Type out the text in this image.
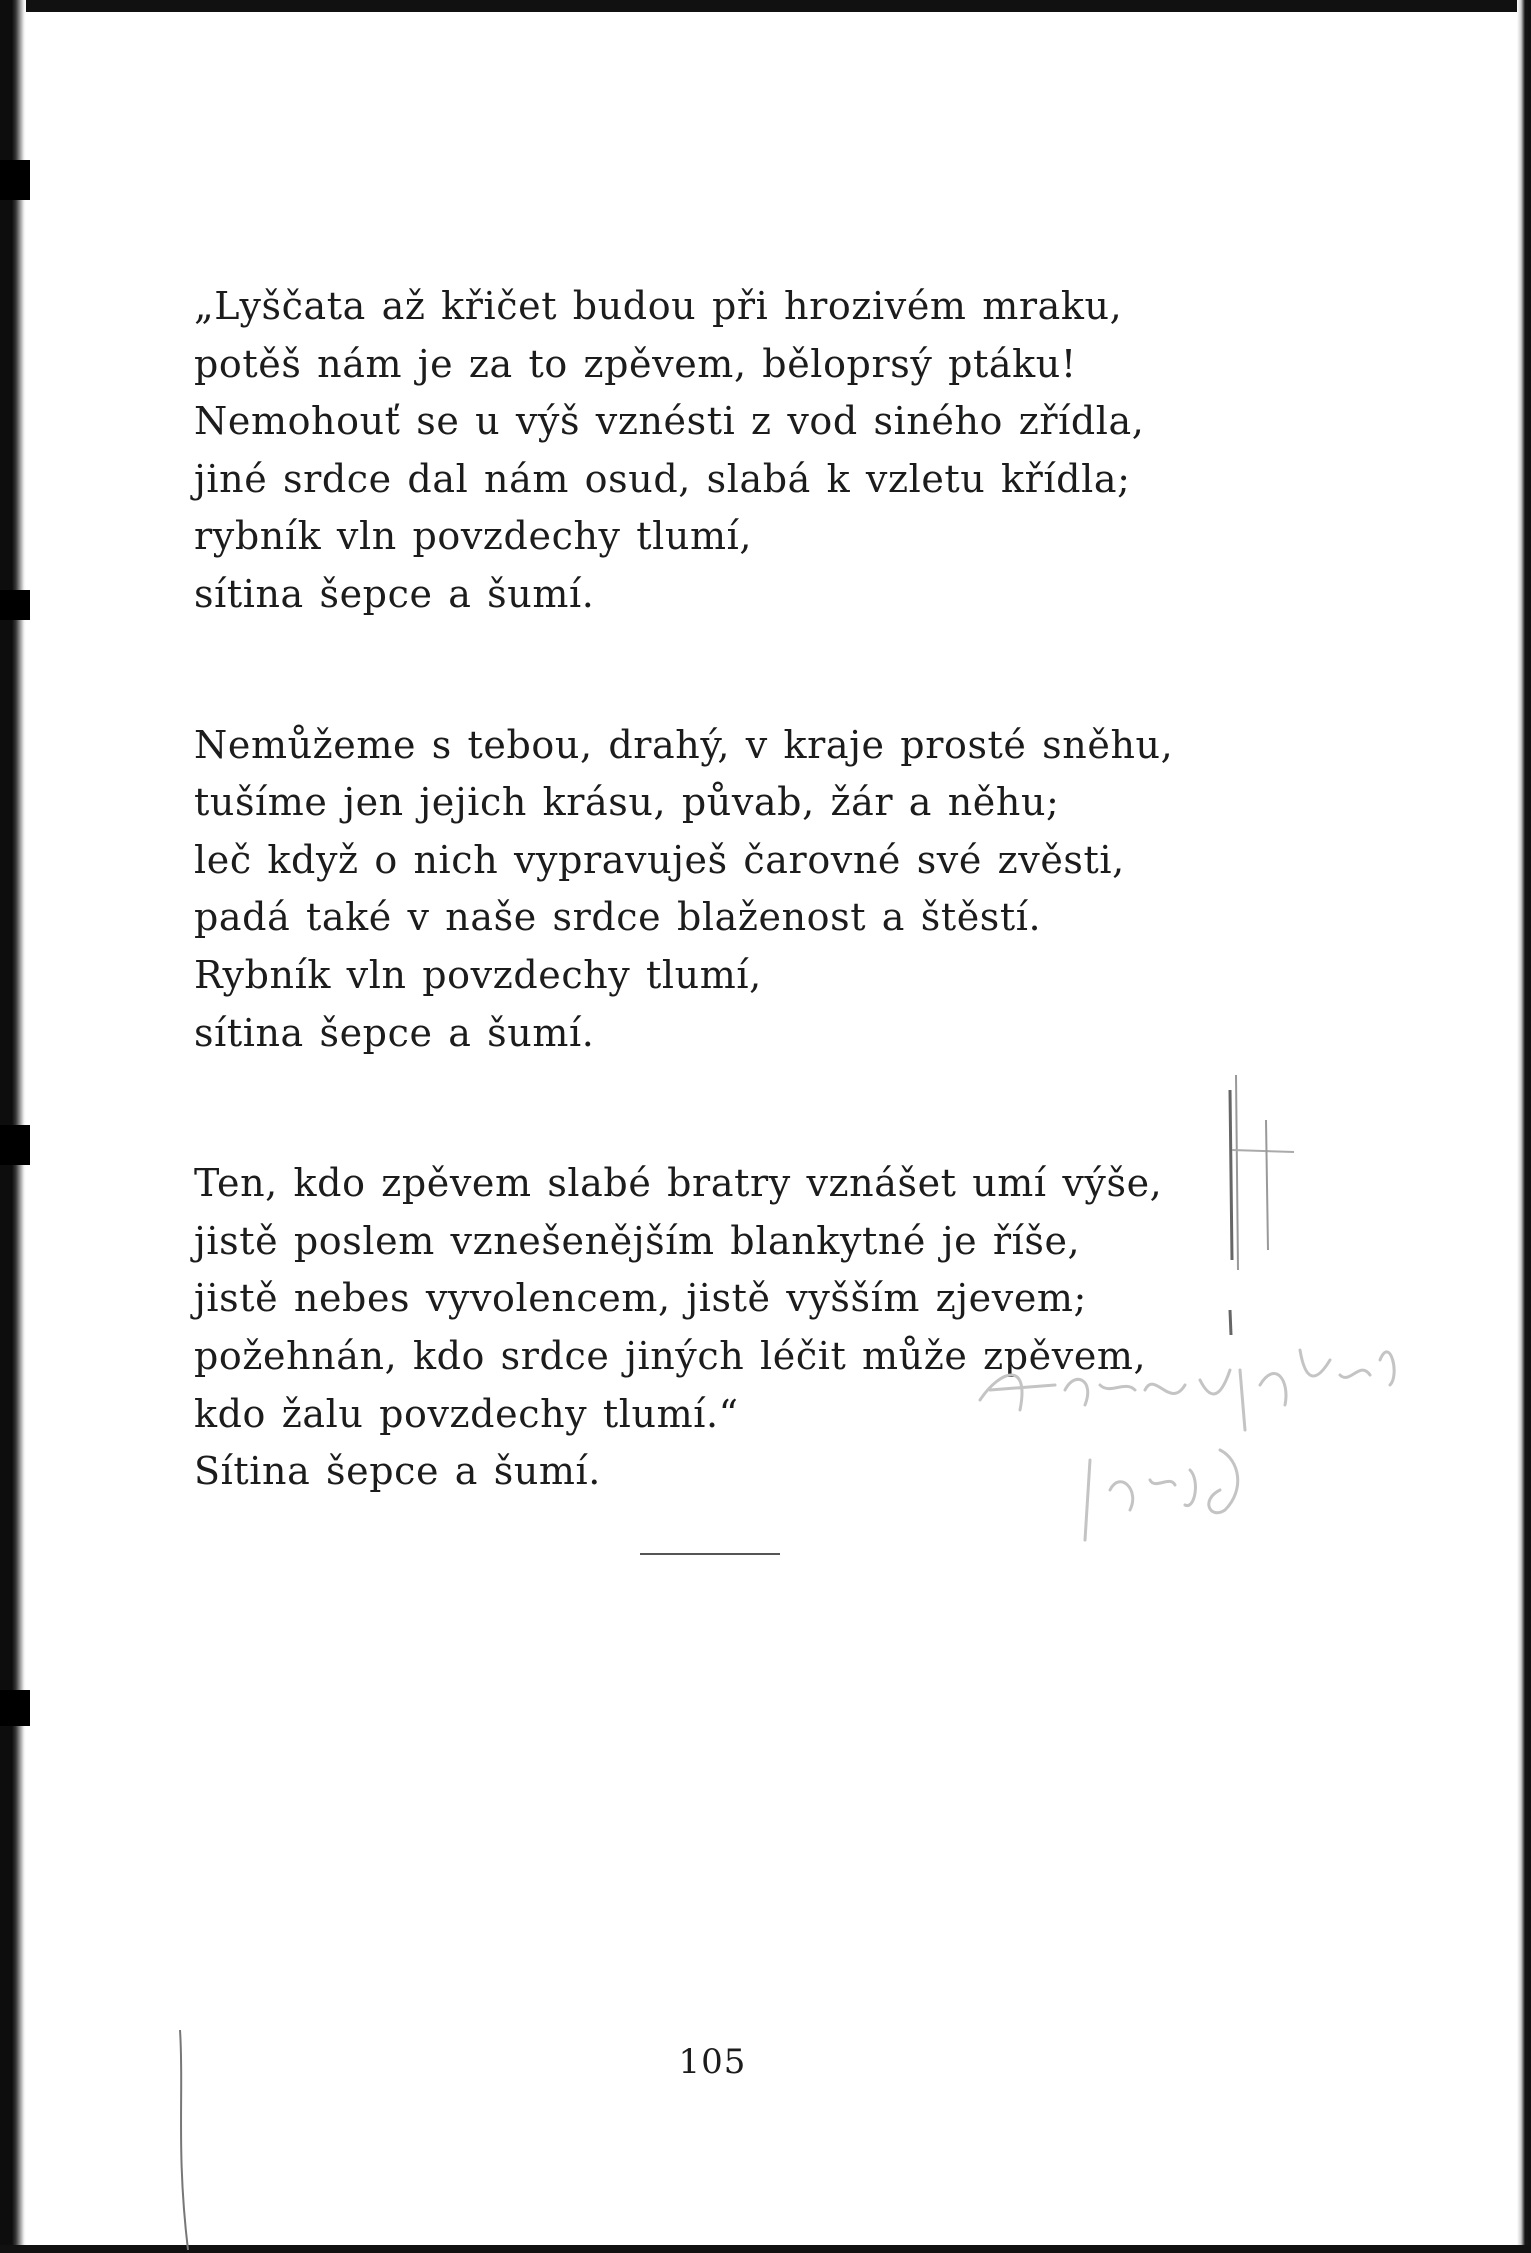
„Lyščata až křičet budou při hrozivém mraku,
potěš nám je za to zpěvem, běloprsý ptáku!
Nemohouť se u výš vznésti z vod siného zřídla,
jiné srdce dal nám osud, slabá k vzletu křídla;
rybník vln povzdechy tlumí,
sítina šepce a šumí.
Nemůžeme s tebou, drahý, v kraje prosté sněhu,
tušíme jen jejich krásu, půvab, žár a něhu;
leč když o nich vypravuješ čarovné své zvěsti,
padá také v naše srdce blaženost a štěstí.
Rybník vln povzdechy tlumí,
sítina šepce a šumí.
Ten, kdo zpěvem slabé bratry vznášet umí výše,
jistě poslem vznešenějším blankytné je říše,
jistě nebes vyvolencem, jistě vyšším zjevem;
požehnán, kdo srdce jiných léčit může zpěvem,
kdo žalu povzdechy tlumí.“
Sítina šepce a šumí.
105
